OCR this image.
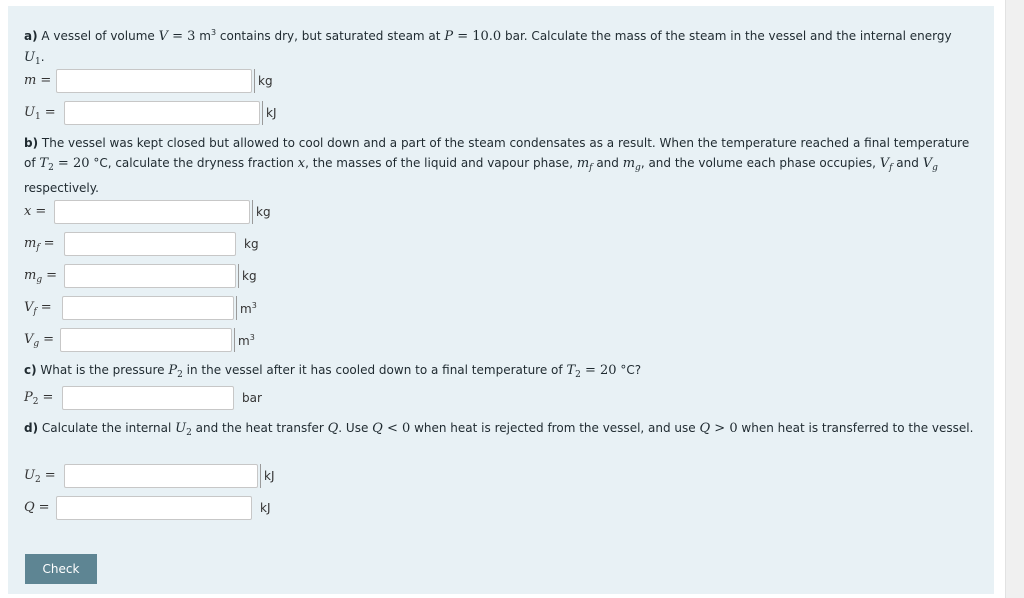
a) A vessel of volume V = 3 $m^3$ contains dry, but saturated steam at P = 10.0 bar. Calculate the mass of the steam in the vessel and the internal energy $U_1$.

m =	kg
$U_1$ =	kJ

b) The vessel was kept closed but allowed to cool down and a part of the steam condensates as a result. When the temperature reached a final temperature of $T_2 = 20$ °C, calculate the dryness fraction x, the masses of the liquid and vapour phase, $m_f$ and $m_g$, and the volume each phase occupies, $V_f$ and $V_g$ respectively.

x =	kg
$m_f$ =	kg
$m_g$ =	kg
$V_f$ =	$m^3$
$V_g$ =	$m^3$

c) What is the pressure $P_2$ in the vessel after it has cooled down to a final temperature of $T_2 = 20$ °C?

$P_2$ =	bar

d) Calculate the internal $U_2$ and the heat transfer Q. Use Q < 0 when heat is rejected from the vessel, and use Q > 0 when heat is transferred to the vessel.

$U_2$ =	kJ
Q =	kJ
Check
